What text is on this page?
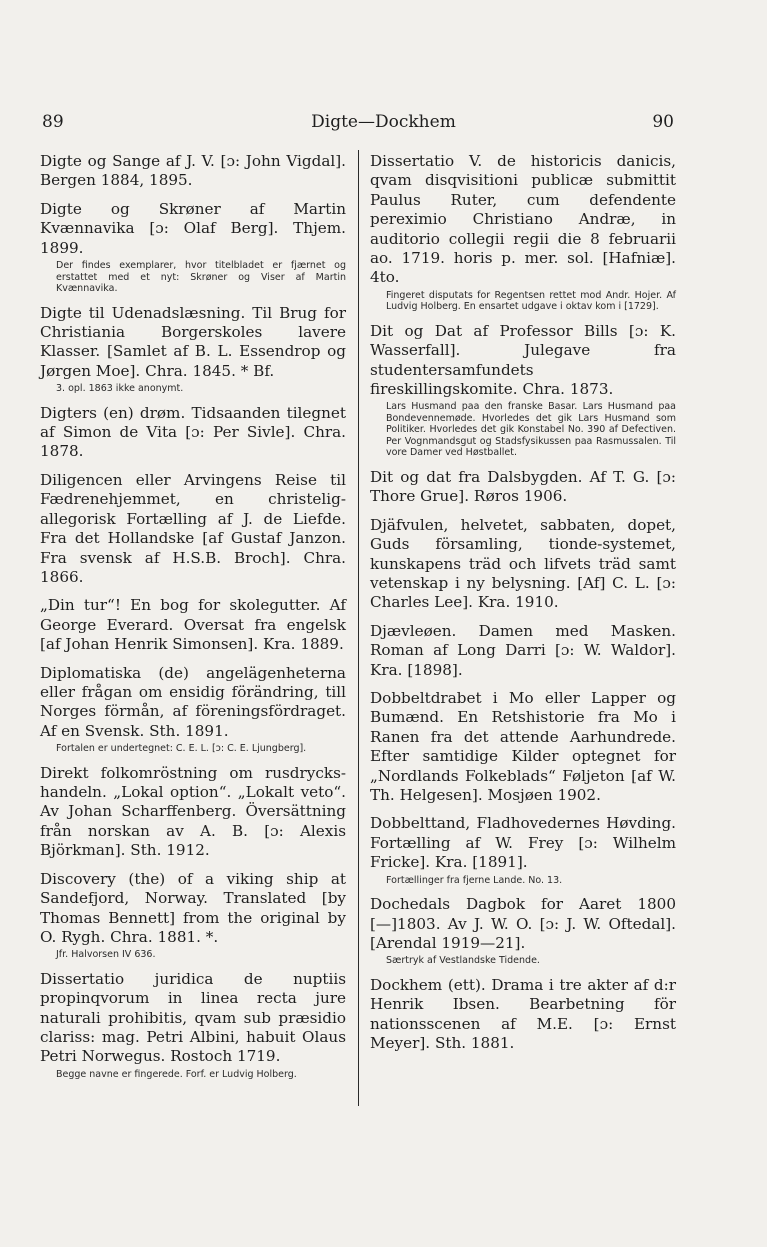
89	Digte—Dockhem	90

Digte og Sange af J. V. [ɔ: John Vigdal]. Bergen 1884, 1895.

Digte og Skrøner af Martin Kvænnavika [ɔ: Olaf Berg]. Thjem. 1899.

Der findes exemplarer, hvor titelbladet er fjærnet og erstattet med et nyt: Skrøner og Viser af Martin Kvænnavika.

Digte til Udenadslæsning. Til Brug for Christiania Borgerskoles lavere Klasser. [Samlet af B. L. Essendrop og Jørgen Moe]. Chra. 1845. * Bf.

3. opl. 1863 ikke anonymt.

Digters (en) drøm. Tidsaanden tilegnet af Simon de Vita [ɔ: Per Sivle]. Chra. 1878.

Diligencen eller Arvingens Reise til Fædrenehjemmet, en christelig-allegorisk Fortælling af J. de Liefde. Fra det Hollandske [af Gustaf Janzon. Fra svensk af H.S.B. Broch]. Chra. 1866.

„Din tur“! En bog for skolegutter. Af George Everard. Oversat fra engelsk [af Johan Henrik Simonsen]. Kra. 1889.

Diplomatiska (de) angelägenheterna eller frågan om ensidig förändring, till Norges förmån, af föreningsfördraget. Af en Svensk. Sth. 1891.

Fortalen er undertegnet: C. E. L. [ɔ: C. E. Ljungberg].

Direkt folkomröstning om rusdrycks-handeln. „Lokal option“. „Lokalt veto“. Av Johan Scharffenberg. Översättning från norskan av A. B. [ɔ: Alexis Björkman]. Sth. 1912.

Discovery (the) of a viking ship at Sandefjord, Norway. Translated [by Thomas Bennett] from the original by O. Rygh. Chra. 1881. *.

Jfr. Halvorsen IV 636.

Dissertatio juridica de nuptiis propinqvorum in linea recta jure naturali prohibitis, qvam sub præsidio clariss: mag. Petri Albini, habuit Olaus Petri Norwegus. Rostoch 1719.

Begge navne er fingerede. Forf. er Ludvig Holberg.

Dissertatio V. de historicis danicis, qvam disqvisitioni publicæ submittit Paulus Ruter, cum defendente pereximio Christiano Andræ, in auditorio collegii regii die 8 februarii ao. 1719. horis p. mer. sol. [Hafniæ]. 4to.

Fingeret disputats for Regentsen rettet mod Andr. Hojer. Af Ludvig Holberg. En ensartet udgave i oktav kom i [1729].

Dit og Dat af Professor Bills [ɔ: K. Wasserfall]. Julegave fra studentersamfundets fireskillingskomite. Chra. 1873.

Lars Husmand paa den franske Basar. Lars Husmand paa Bondevennemøde. Hvorledes det gik Lars Husmand som Politiker. Hvorledes det gik Konstabel No. 390 af Defectiven. Per Vognmandsgut og Stadsfysikussen paa Rasmussalen. Til vore Damer ved Høstballet.

Dit og dat fra Dalsbygden. Af T. G. [ɔ: Thore Grue]. Røros 1906.

Djäfvulen, helvetet, sabbaten, dopet, Guds församling, tionde-systemet, kunskapens träd och lifvets träd samt vetenskap i ny belysning. [Af] C. L. [ɔ: Charles Lee]. Kra. 1910.

Djævleøen. Damen med Masken. Roman af Long Darri [ɔ: W. Waldor]. Kra. [1898].

Dobbeltdrabet i Mo eller Lapper og Bumænd. En Retshistorie fra Mo i Ranen fra det attende Aarhundrede. Efter samtidige Kilder optegnet for „Nordlands Folkeblads“ Føljeton [af W. Th. Helgesen]. Mosjøen 1902.

Dobbelttand, Fladhovedernes Høvding. Fortælling af W. Frey [ɔ: Wilhelm Fricke]. Kra. [1891].

Fortællinger fra fjerne Lande. No. 13.

Dochedals Dagbok for Aaret 1800 [—]1803. Av J. W. O. [ɔ: J. W. Oftedal]. [Arendal 1919—21].

Særtryk af Vestlandske Tidende.

Dockhem (ett). Drama i tre akter af d:r Henrik Ibsen. Bearbetning för nationsscenen af M.E. [ɔ: Ernst Meyer]. Sth. 1881.
